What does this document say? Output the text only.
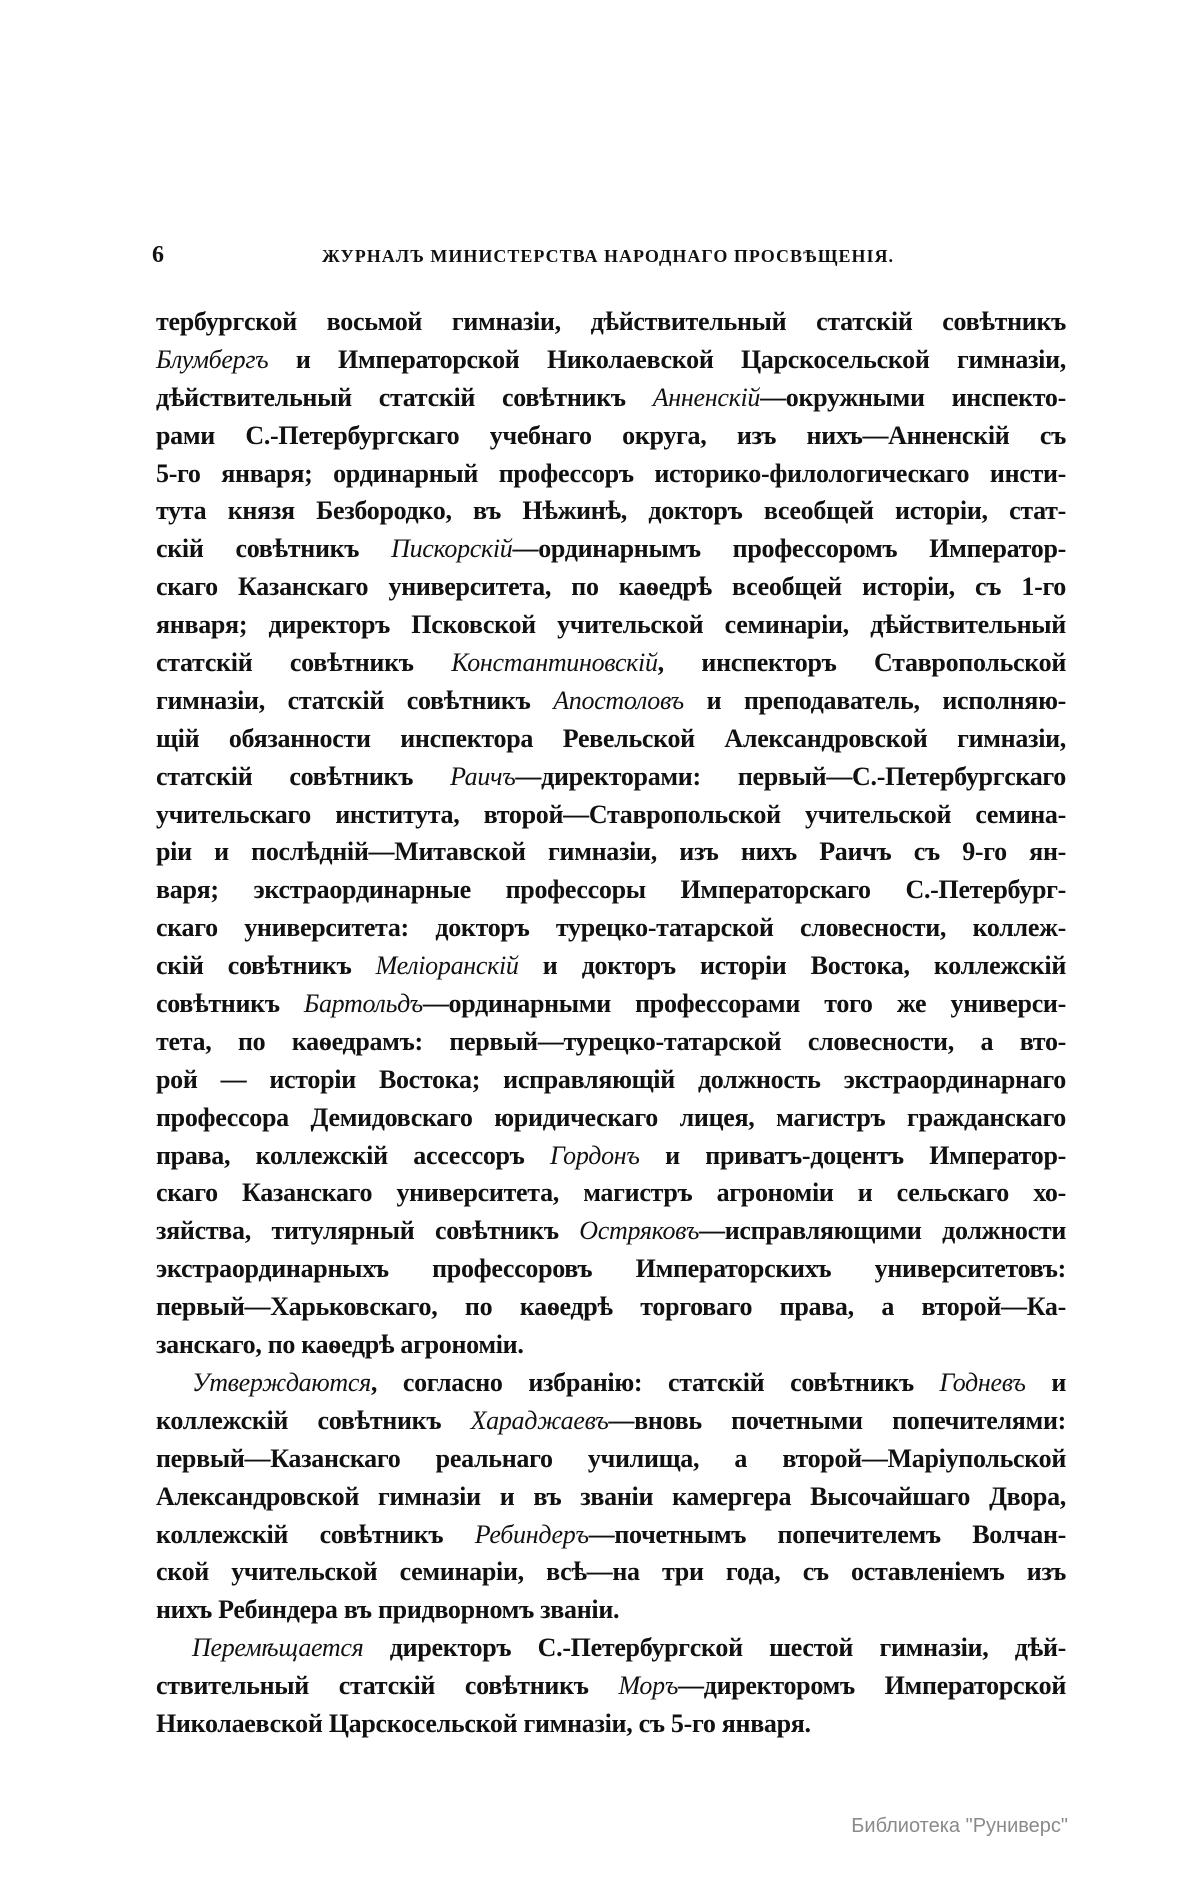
6	ЖУРНАЛЪ МИНИСТЕРСТВА НАРОДНАГО ПРОСВѢЩЕНІЯ.
тербургской восьмой гимназіи, дѣйствительный статскій совѣтникъ
Блумбергъ и Императорской Николаевской Царскосельской гимназіи,
дѣйствительный статскій совѣтникъ Анненскій—окружными инспекто-
рами С.-Петербургскаго учебнаго округа, изъ нихъ—Анненскій съ
5-го января; ординарный профессоръ историко-филологическаго инсти-
тута князя Безбородко, въ Нѣжинѣ, докторъ всеобщей исторіи, стат-
скій совѣтникъ Пискорскій—ординарнымъ профессоромъ Император-
скаго Казанскаго университета, по каѳедрѣ всеобщей исторіи, съ 1-го
января; директоръ Псковской учительской семинаріи, дѣйствительный
статскій совѣтникъ Константиновскій, инспекторъ Ставропольской
гимназіи, статскій совѣтникъ Апостоловъ и преподаватель, исполняю-
щій обязанности инспектора Ревельской Александровской гимназіи,
статскій совѣтникъ Раичъ—директорами: первый—С.-Петербургскаго
учительскаго института, второй—Ставропольской учительской семина-
ріи и послѣдній—Митавской гимназіи, изъ нихъ Раичъ съ 9-го ян-
варя; экстраординарные профессоры Императорскаго С.-Петербург-
скаго университета: докторъ турецко-татарской словесности, коллеж-
скій совѣтникъ Меліоранскій и докторъ исторіи Востока, коллежскій
совѣтникъ Бартольдъ—ординарными профессорами того же универси-
тета, по каѳедрамъ: первый—турецко-татарской словесности, а вто-
рой — исторіи Востока; исправляющій должность экстраординарнаго
профессора Демидовскаго юридическаго лицея, магистръ гражданскаго
права, коллежскій ассессоръ Гордонъ и приватъ-доцентъ Император-
скаго Казанскаго университета, магистръ агрономіи и сельскаго хо-
зяйства, титулярный совѣтникъ Остряковъ—исправляющими должности
экстраординарныхъ профессоровъ Императорскихъ университетовъ:
первый—Харьковскаго, по каѳедрѣ торговаго права, а второй—Ка-
занскаго, по каѳедрѣ агрономіи.
Утверждаются, согласно избранію: статскій совѣтникъ Годневъ и
коллежскій совѣтникъ Хараджаевъ—вновь почетными попечителями:
первый—Казанскаго реальнаго училища, а второй—Маріупольской
Александровской гимназіи и въ званіи камергера Высочайшаго Двора,
коллежскій совѣтникъ Ребиндеръ—почетнымъ попечителемъ Волчан-
ской учительской семинаріи, всѣ—на три года, съ оставленіемъ изъ
нихъ Ребиндера въ придворномъ званіи.
Перемѣщается директоръ С.-Петербургской шестой гимназіи, дѣй-
ствительный статскій совѣтникъ Моръ—директоромъ Императорской
Николаевской Царскосельской гимназіи, съ 5-го января.
Библиотека "Руниверс"
